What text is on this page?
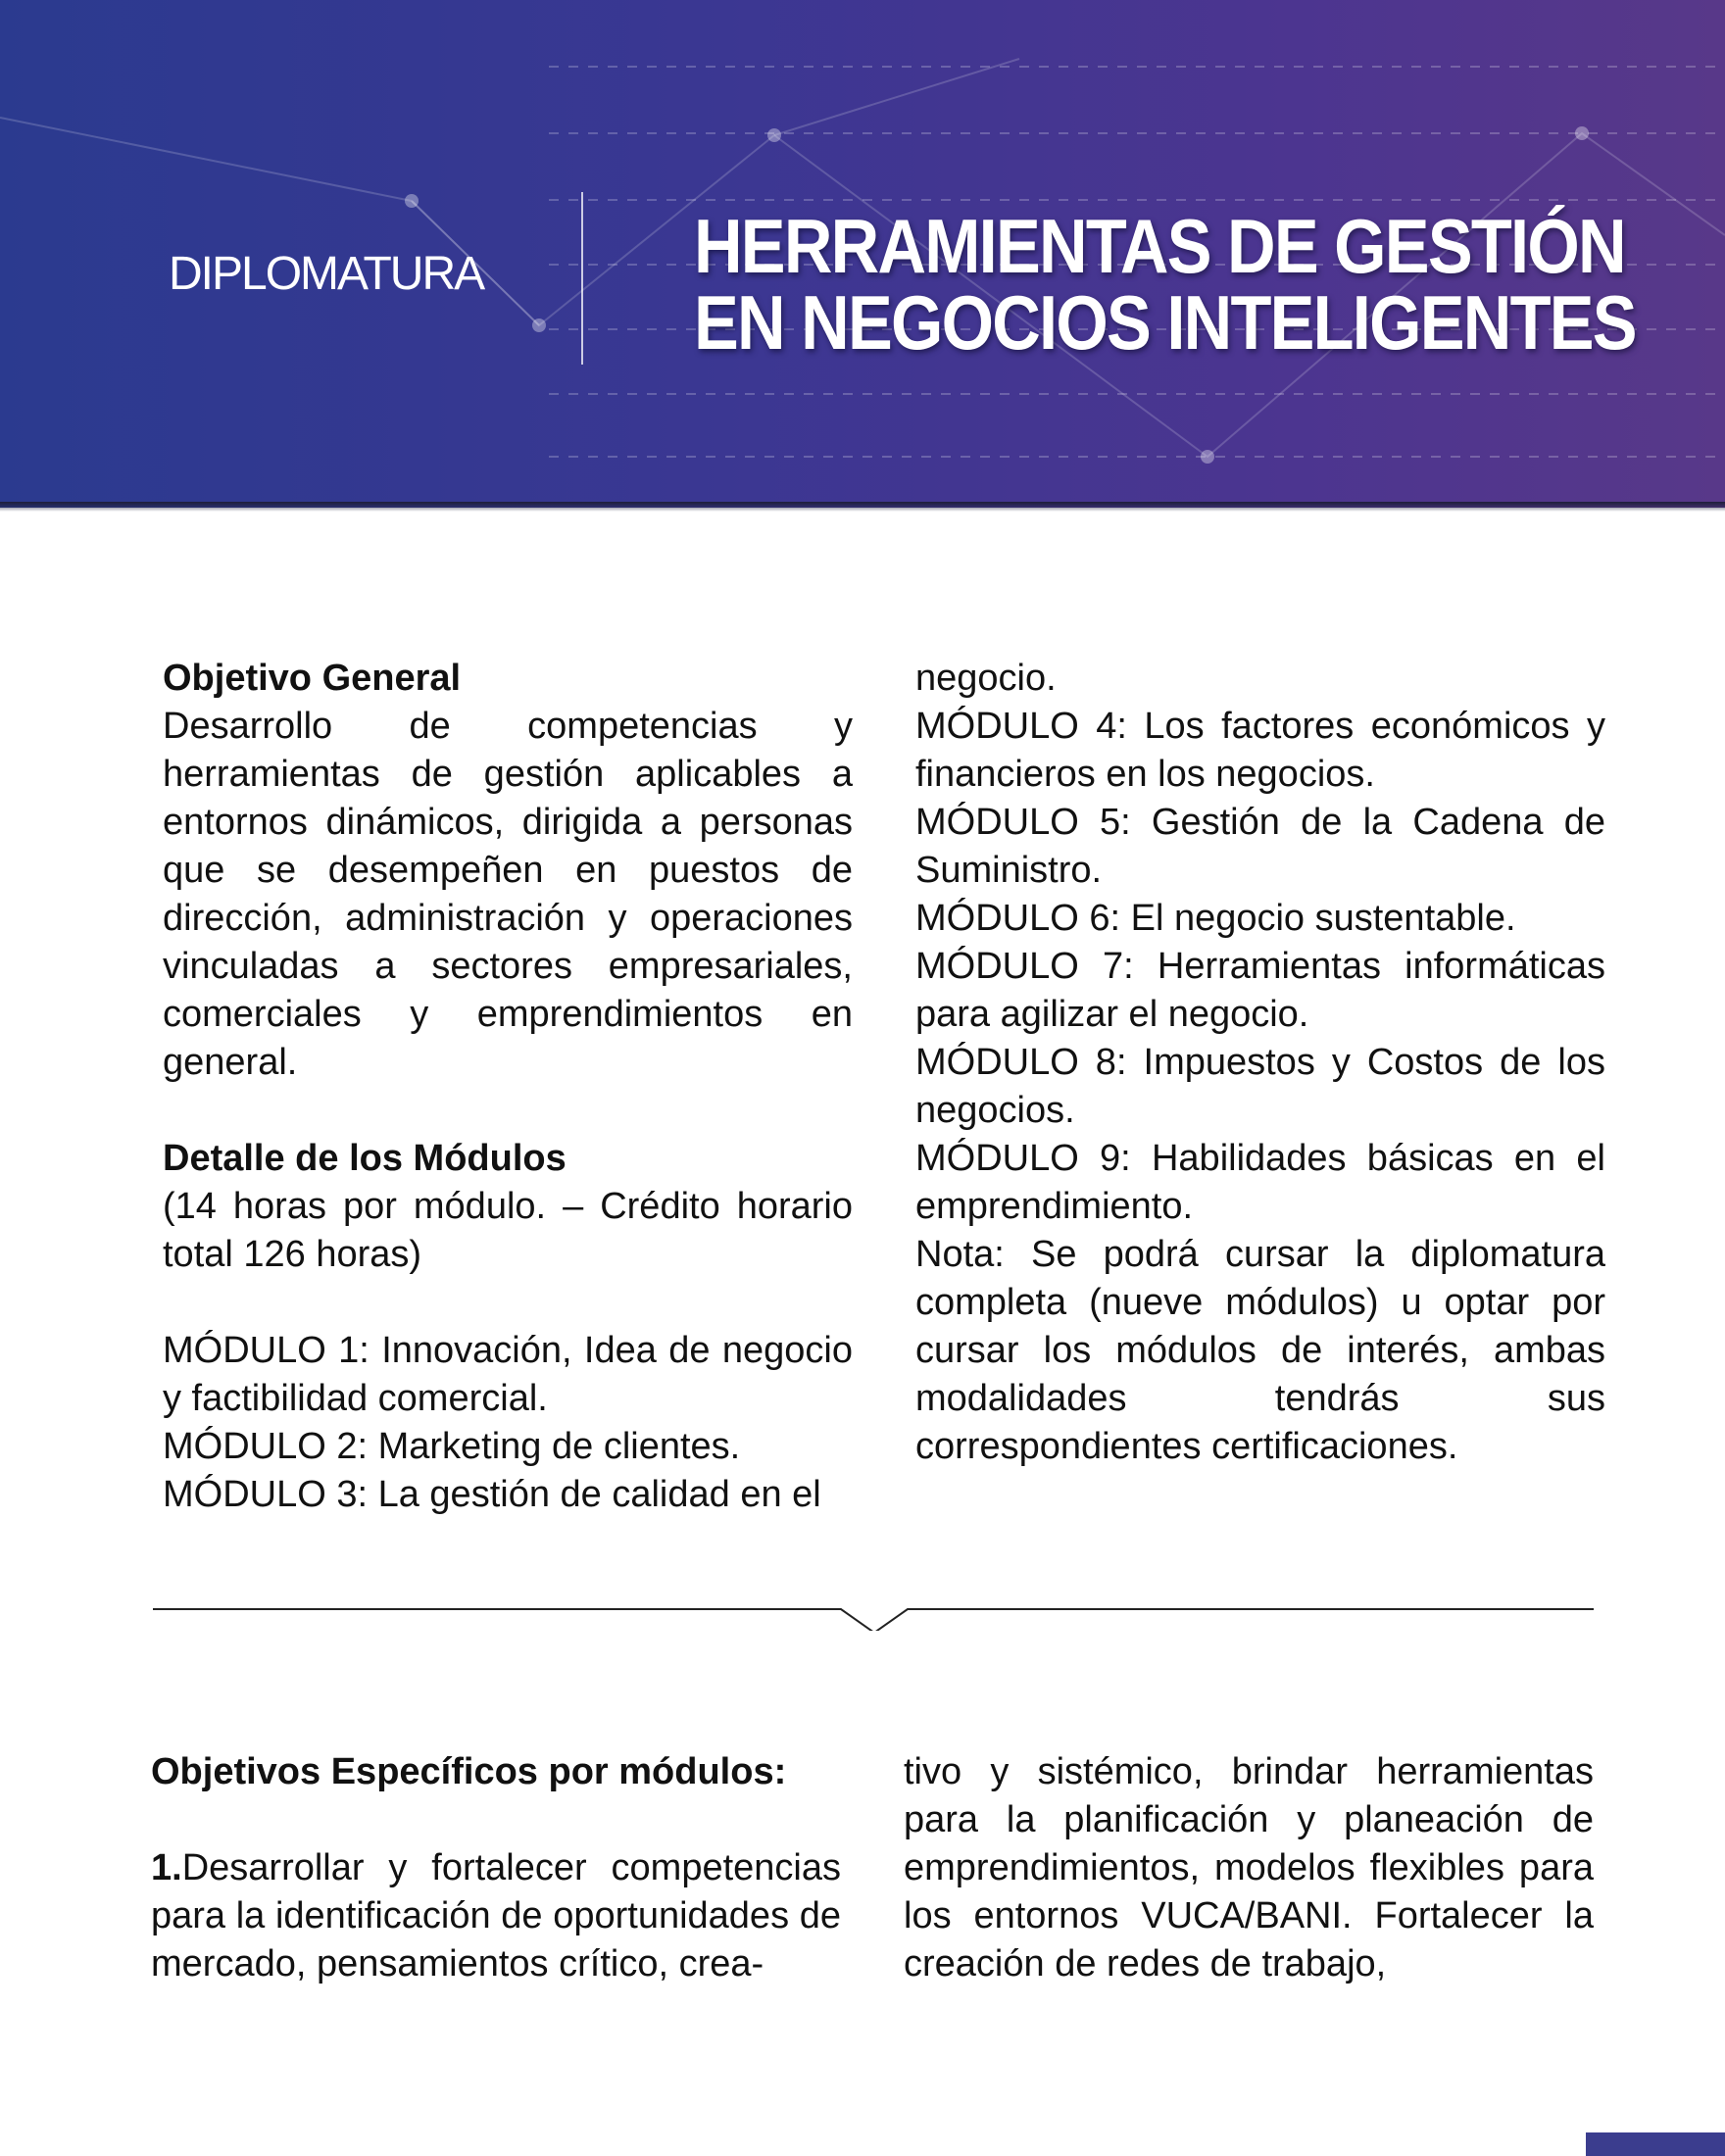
DIPLOMATURA	HERRAMIENTAS DE GESTIÓN
EN NEGOCIOS INTELIGENTES

Objetivo General

Desarrollo de competencias y herramientas de gestión aplicables a entornos dinámicos, dirigida a personas que se desempeñen en puestos de dirección, administración y operaciones vinculadas a sectores empresariales, comerciales y emprendimientos en general.

Detalle de los Módulos

(14 horas por módulo. – Crédito horario total 126 horas)

MÓDULO 1: Innovación, Idea de negocio y factibilidad comercial.

MÓDULO 2: Marketing de clientes.

MÓDULO 3: La gestión de calidad en el

negocio.

MÓDULO 4: Los factores económicos y financieros en los negocios.

MÓDULO 5: Gestión de la Cadena de Suministro.

MÓDULO 6: El negocio sustentable.

MÓDULO 7: Herramientas informáticas para agilizar el negocio.

MÓDULO 8: Impuestos y Costos de los negocios.

MÓDULO 9: Habilidades básicas en el emprendimiento.

Nota: Se podrá cursar la diplomatura completa (nueve módulos) u optar por cursar los módulos de interés, ambas modalidades tendrás sus correspondientes certificaciones.

Objetivos Específicos por módulos:

1.Desarrollar y fortalecer competencias para la identificación de oportunidades de mercado, pensamientos crítico, crea-

tivo y sistémico, brindar herramientas para la planificación y planeación de emprendimientos, modelos flexibles para los entornos VUCA/BANI. Fortalecer la creación de redes de trabajo,
